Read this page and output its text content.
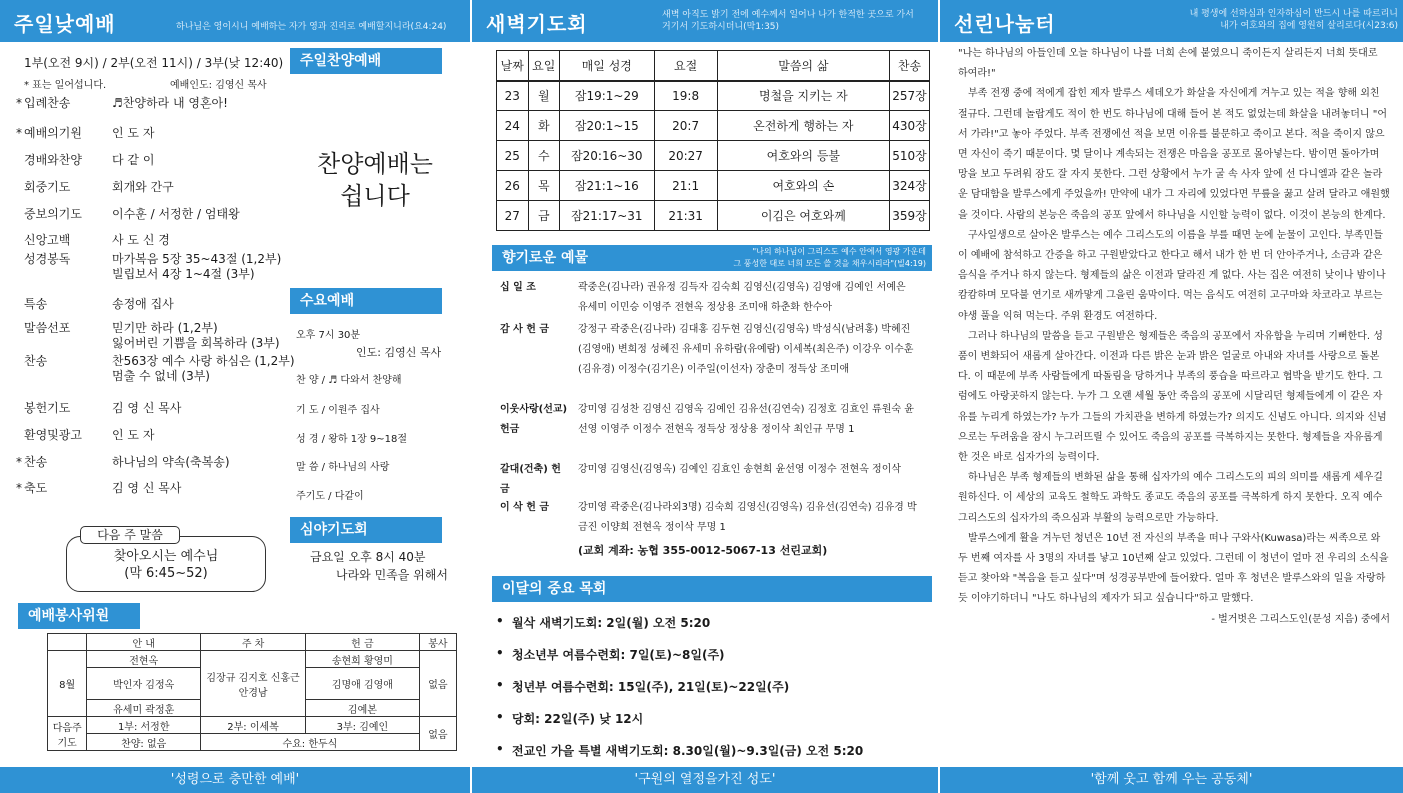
주일낮예배	하나님은 영이시니 예배하는 자가 영과 진리로 예배할지니라(요4:24)
1부(오전 9시) / 2부(오전 11시) / 3부(낮 12:40)
* 표는 일어섭니다.	예배인도: 김영신 목사
* 입례찬송	♬찬양하라 내 영혼아!
* 예배의기원	인 도 자
경배와찬양	다 같 이
회중기도	회개와 간구
중보의기도	이수훈 / 서정한 / 엄태왕
신앙고백	사 도 신 경
성경봉독	마가복음 5장 35~43절 (1,2부)
빌립보서 4장 1~4절 (3부)
특송	송정애 집사
말씀선포	믿기만 하라 (1,2부)
잃어버린 기쁨을 회복하라 (3부)
찬송	찬563장 예수 사랑 하심은 (1,2부)
멈출 수 없네 (3부)
봉헌기도	김 영 신 목사
환영및광고	인 도 자
* 찬송	하나님의 약속(축복송)
* 축도	김 영 신 목사
다음 주 말씀
찾아오시는 예수님
(막 6:45~52)
예배봉사위원
	안 내	주 차	헌 금	봉사
8월	전현옥	김장규 김지호 신홍근 안경남	송현희 황영미	없음
	박인자 김정옥		김명애 김영애	
	유세미 곽정훈		김예본	
다음주 기도	1부: 서정한	2부: 이세복	3부: 김예인	없음
	찬양: 없음	수요: 한두식		
'성령으로 충만한 예배'
주일찬양예배
찬양예배는
쉽니다
수요예배
오후 7시 30분
인도: 김영신 목사
찬 양 / ♬ 다와서 찬양해
기 도 / 이원주 집사
성 경 / 왕하 1장 9~18절
말 씀 / 하나님의 사랑
주기도 / 다같이
심야기도회
금요일 오후 8시 40분
나라와 민족을 위해서
새벽기도회	새벽 아직도 밝기 전에 예수께서 일어나 나가 한적한 곳으로 가서
거기서 기도하시더니(막1:35)
날짜	요일	매일 성경	요절	말씀의 삶	찬송
23	월	잠19:1~29	19:8	명철을 지키는 자	257장
24	화	잠20:1~15	20:7	온전하게 행하는 자	430장
25	수	잠20:16~30	20:27	여호와의 등불	510장
26	목	잠21:1~16	21:1	여호와의 손	324장
27	금	잠21:17~31	21:31	이김은 여호와께	359장
향기로운 예물	"나의 하나님이 그리스도 예수 안에서 영광 가운데
그 풍성한 대로 너희 모든 쓸 것을 채우시리라"(빌4:19)
십 일 조	곽중은(김나라) 권유정 김득자 김숙희 김영신(김영옥) 김영애 김예인 서예은 유세미 이민승 이영주 전현옥 정상용 조미애 하춘화 한수아
감 사 헌 금	강정구 곽중은(김나라) 김대홍 김두현 김영신(김영옥) 박성식(남려홍) 박혜진(김영애) 변희정 성혜진 유세미 유하람(유예람) 이세복(최은주) 이강우 이수훈(김유경) 이정수(김기은) 이주일(이선자) 장춘미 정득상 조미애
이웃사랑(선교) 헌금
강미영 김성찬 김영신 김영옥 김예인 김유선(김연숙) 김정호 김효인 류원숙 윤선영 이영주 이정수 전현옥 정득상 정상용 정이삭 최인규 무명 1
갈대(건축) 헌금
강미영 김영신(김영옥) 김예인 김효인 송현희 윤선영 이정수 전현옥 정이삭
이 삭 헌 금	강미영 곽중은(김나라외3명) 김숙희 김영신(김영옥) 김유선(김연숙) 김유경 박금진 이양희 전현옥 정이삭 무명 1
(교회 계좌: 농협 355-0012-5067-13 선린교회)
이달의 중요 목회
• 월삭 새벽기도회: 2일(월) 오전 5:20
• 청소년부 여름수련회: 7일(토)~8일(주)
• 청년부 여름수련회: 15일(주), 21일(토)~22일(주)
• 당회: 22일(주) 낮 12시
• 전교인 가을 특별 새벽기도회: 8.30일(월)~9.3일(금) 오전 5:20
'구원의 열정을가진 성도'
선린나눔터	내 평생에 선하심과 인자하심이 반드시 나를 따르리니
내가 여호와의 집에 영원히 살리로다(시23:6)

"나는 하나님의 아들인데 오늘 하나님이 나를 너희 손에 붙였으니 죽이든지 살리든지 너희 뜻대로 하여라!"

부족 전쟁 중에 적에게 잡힌 제자 발루스 세데오가 화살을 자신에게 겨누고 있는 적을 향해 외친 절규다. 그런데 놀랍게도 적이 한 번도 하나님에 대해 들어 본 적도 없었는데 화살을 내려놓더니 "어서 가라!"고 놓아 주었다. 부족 전쟁에선 적을 보면 이유를 불문하고 죽이고 본다. 적을 죽이지 않으면 자신이 죽기 때문이다. 몇 달이나 계속되는 전쟁은 마음을 공포로 몰아넣는다. 밤이면 돌아가며 망을 보고 두려워 잠도 잘 자지 못한다. 그런 상황에서 누가 굴 속 사자 앞에 선 다니엘과 같은 놀라운 담대함을 발루스에게 주었을까! 만약에 내가 그 자리에 있었다면 무릎을 꿇고 살려 달라고 애원했을 것이다. 사람의 본능은 죽음의 공포 앞에서 하나님을 시인할 능력이 없다. 이것이 본능의 한계다.

구사일생으로 살아온 발루스는 예수 그리스도의 이름을 부를 때면 눈에 눈물이 고인다. 부족민들이 예배에 참석하고 간증을 하고 구원받았다고 한다고 해서 내가 한 번 더 안아주거나, 소금과 같은 음식을 주거나 하지 않는다. 형제들의 삶은 이전과 달라진 게 없다. 사는 집은 여전히 낮이나 밤이나 캄캄하며 모닥불 연기로 새까맣게 그을린 움막이다. 먹는 음식도 여전히 고구마와 차코라고 부르는 야생 풀을 익혀 먹는다. 주위 환경도 여전하다.

그러나 하나님의 말씀을 듣고 구원받은 형제들은 죽음의 공포에서 자유함을 누리며 기뻐한다. 성품이 변화되어 새롭게 살아간다. 이전과 다른 밝은 눈과 밝은 얼굴로 아내와 자녀를 사랑으로 돌본다. 이 때문에 부족 사람들에게 따돌림을 당하거나 부족의 풍습을 따르라고 협박을 받기도 한다. 그럼에도 아랑곳하지 않는다. 누가 그 오랜 세월 동안 죽음의 공포에 시달리던 형제들에게 이 같은 자유를 누리게 하였는가? 누가 그들의 가치관을 변하게 하였는가? 의지도 신념도 아니다. 의지와 신념으로는 두려움을 잠시 누그러뜨릴 수 있어도 죽음의 공포를 극복하지는 못한다. 형제들을 자유롭게 한 것은 바로 십자가의 능력이다.

하나님은 부족 형제들의 변화된 삶을 통해 십자가의 예수 그리스도의 피의 의미를 새롭게 세우길 원하신다. 이 세상의 교육도 철학도 과학도 종교도 죽음의 공포를 극복하게 하지 못한다. 오직 예수 그리스도의 십자가의 죽으심과 부활의 능력으로만 가능하다.

발루스에게 활을 겨누던 청년은 10년 전 자신의 부족을 떠나 구와사(Kuwasa)라는 씨족으로 와 두 번째 여자를 사 3명의 자녀를 낳고 10년째 살고 있었다. 그런데 이 청년이 얼마 전 우리의 소식을 듣고 찾아와 "복음을 듣고 싶다"며 성경공부반에 들어왔다. 얼마 후 청년은 발루스와의 일을 자랑하듯 이야기하더니 "나도 하나님의 제자가 되고 싶습니다"하고 말했다.

- 벌거벗은 그리스도인(문성 지음) 중에서
'함께 웃고 함께 우는 공동체'
